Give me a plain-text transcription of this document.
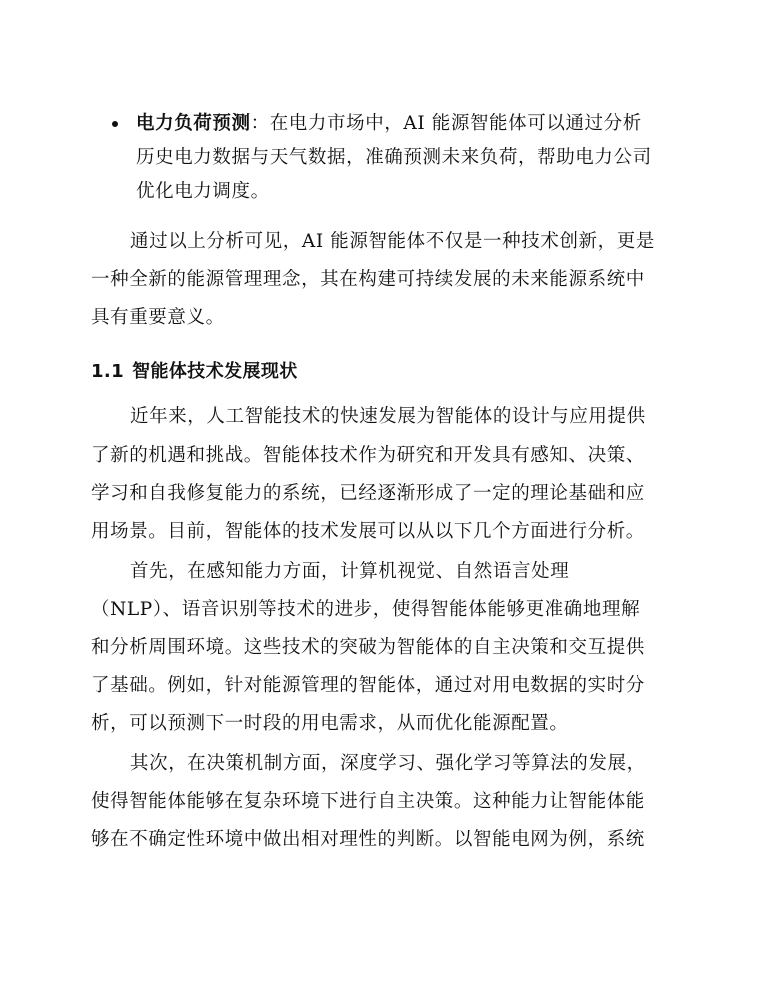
电力负荷预测：在电力市场中，AI 能源智能体可以通过分析
历史电力数据与天气数据，准确预测未来负荷，帮助电力公司
优化电力调度。
通过以上分析可见，AI 能源智能体不仅是一种技术创新，更是
一种全新的能源管理理念，其在构建可持续发展的未来能源系统中
具有重要意义。
1.1 智能体技术发展现状
近年来，人工智能技术的快速发展为智能体的设计与应用提供
了新的机遇和挑战。智能体技术作为研究和开发具有感知、决策、
学习和自我修复能力的系统，已经逐渐形成了一定的理论基础和应
用场景。目前，智能体的技术发展可以从以下几个方面进行分析。
首先，在感知能力方面，计算机视觉、自然语言处理
（NLP）、语音识别等技术的进步，使得智能体能够更准确地理解
和分析周围环境。这些技术的突破为智能体的自主决策和交互提供
了基础。例如，针对能源管理的智能体，通过对用电数据的实时分
析，可以预测下一时段的用电需求，从而优化能源配置。
其次，在决策机制方面，深度学习、强化学习等算法的发展，
使得智能体能够在复杂环境下进行自主决策。这种能力让智能体能
够在不确定性环境中做出相对理性的判断。以智能电网为例，系统
